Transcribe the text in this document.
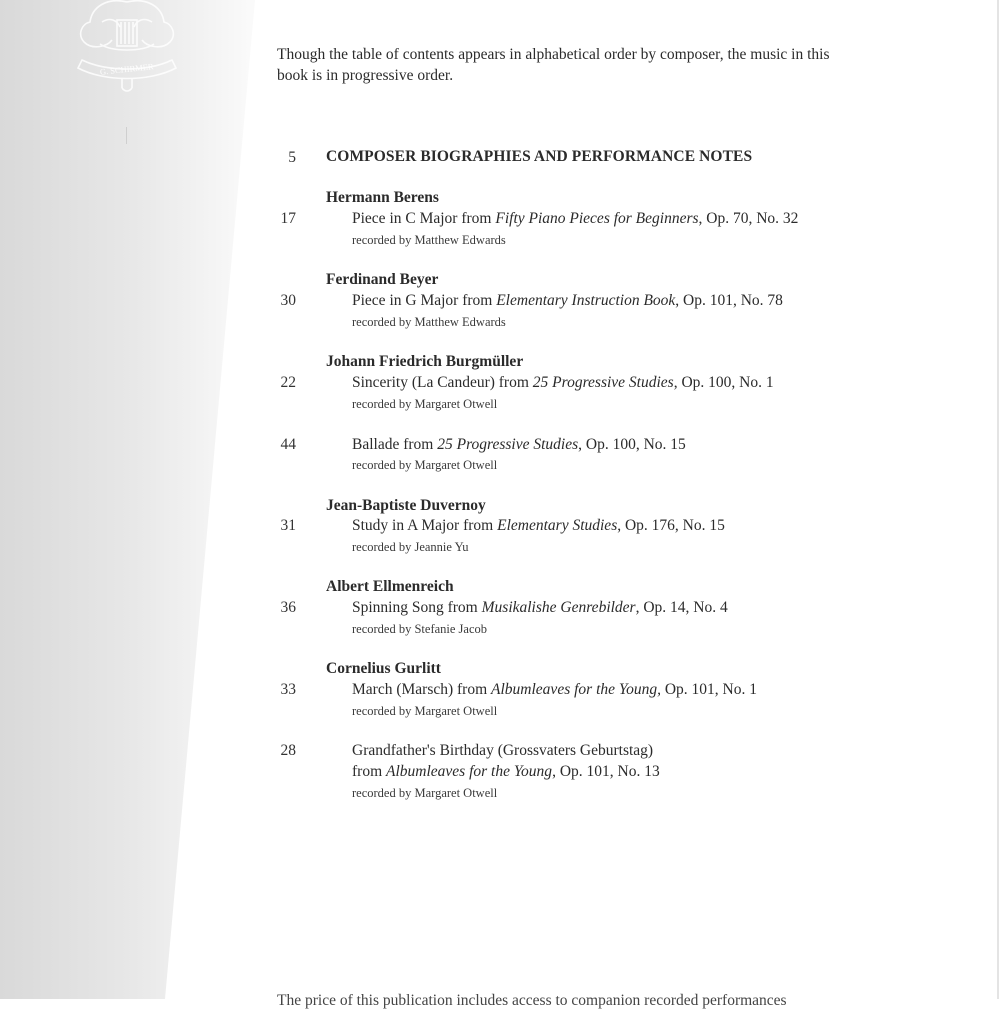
G. SCHIRMER

Though the table of contents appears in alphabetical order by composer, the music in this book is in progressive order.

5 COMPOSER BIOGRAPHIES AND PERFORMANCE NOTES
Hermann Berens
17	Piece in C Major from Fifty Piano Pieces for Beginners, Op. 70, No. 32
recorded by Matthew Edwards
Ferdinand Beyer
30	Piece in G Major from Elementary Instruction Book, Op. 101, No. 78
recorded by Matthew Edwards
Johann Friedrich Burgmüller
22	Sincerity (La Candeur) from 25 Progressive Studies, Op. 100, No. 1
recorded by Margaret Otwell
44	Ballade from 25 Progressive Studies, Op. 100, No. 15
recorded by Margaret Otwell
Jean-Baptiste Duvernoy
31	Study in A Major from Elementary Studies, Op. 176, No. 15
recorded by Jeannie Yu
Albert Ellmenreich
36	Spinning Song from Musikalishe Genrebilder, Op. 14, No. 4
recorded by Stefanie Jacob
Cornelius Gurlitt
33	March (Marsch) from Albumleaves for the Young, Op. 101, No. 1
recorded by Margaret Otwell
28	Grandfather's Birthday (Grossvaters Geburtstag)
from Albumleaves for the Young, Op. 101, No. 13
recorded by Margaret Otwell
The price of this publication includes access to companion recorded performances
